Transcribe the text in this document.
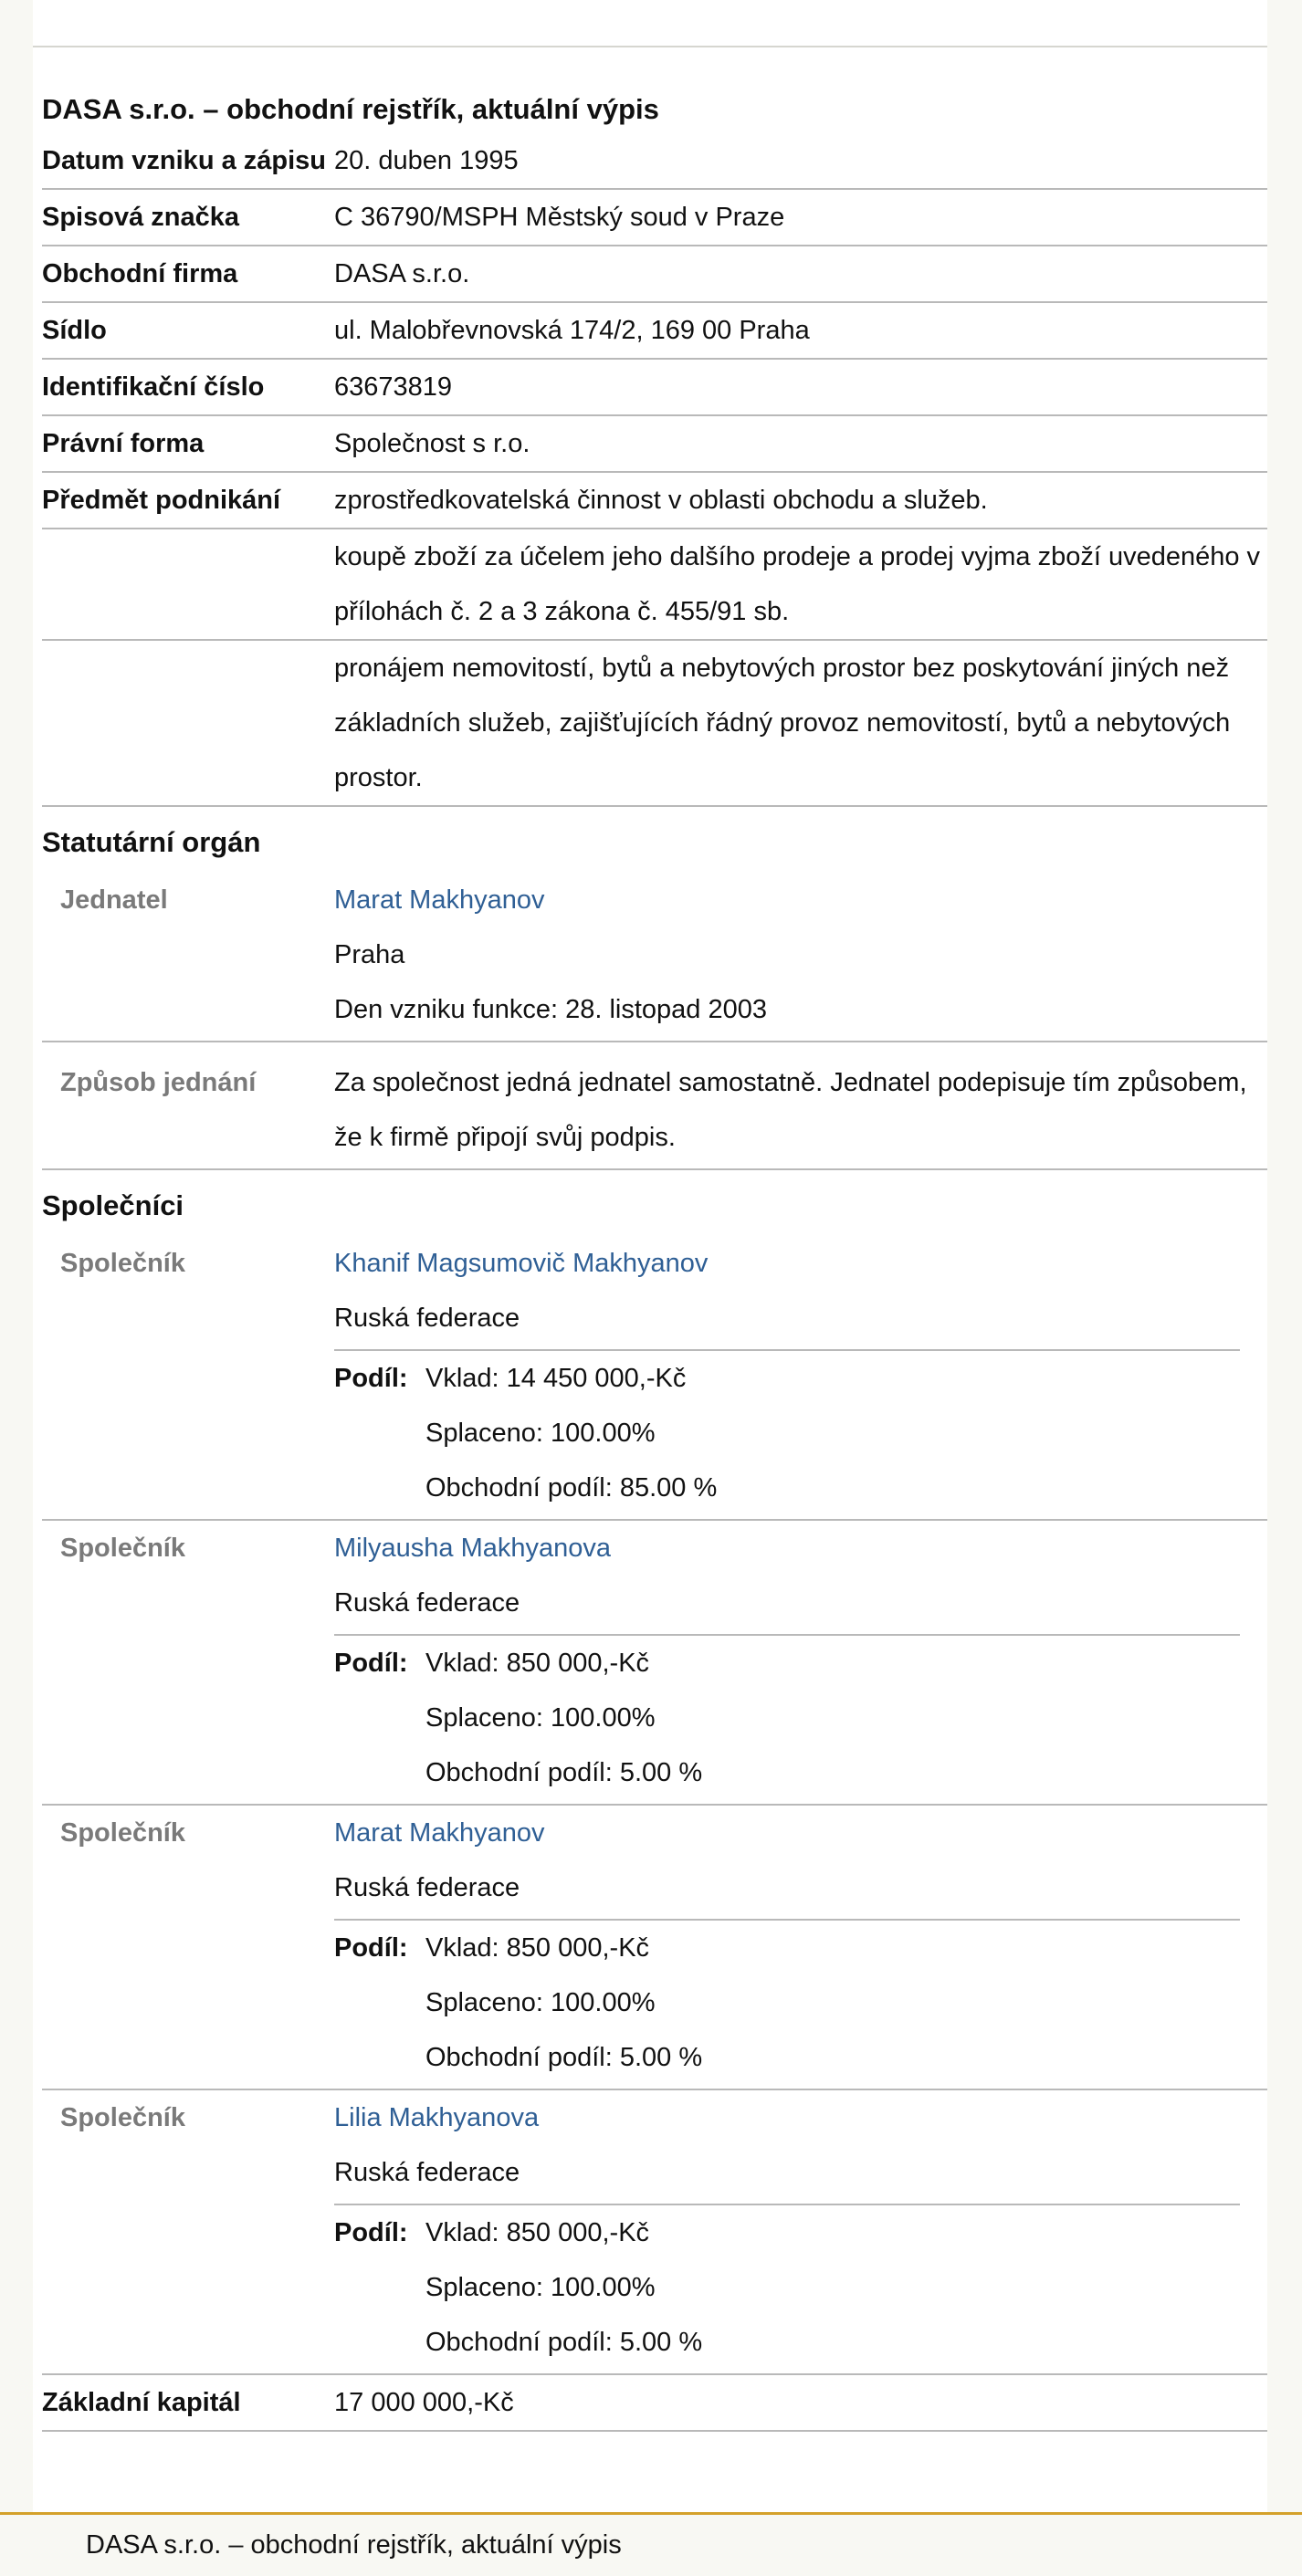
DASA s.r.o. – obchodní rejstřík, aktuální výpis
Datum vzniku a zápisu 20. duben 1995
Spisová značka	C 36790/MSPH Městský soud v Praze
Obchodní firma	DASA s.r.o.
Sídlo	ul. Malobřevnovská 174/2, 169 00 Praha
Identifikační číslo	63673819
Právní forma	Společnost s r.o.
Předmět podnikání	zprostředkovatelská činnost v oblasti obchodu a služeb.
koupě zboží za účelem jeho dalšího prodeje a prodej vyjma zboží uvedeného v přílohách č. 2 a 3 zákona č. 455/91 sb.
pronájem nemovitostí, bytů a nebytových prostor bez poskytování jiných než základních služeb, zajišťujících řádný provoz nemovitostí, bytů a nebytových prostor.
Statutární orgán
Jednatel	Marat Makhyanov
Praha
Den vzniku funkce: 28. listopad 2003
Způsob jednání	Za společnost jedná jednatel samostatně. Jednatel podepisuje tím způsobem, že k firmě připojí svůj podpis.
Společníci
Společník	Khanif Magsumovič Makhyanov
Ruská federace
Podíl: Vklad: 14 450 000,-Kč
Splaceno: 100.00%
Obchodní podíl: 85.00 %
Společník	Milyausha Makhyanova
Ruská federace
Podíl: Vklad: 850 000,-Kč
Splaceno: 100.00%
Obchodní podíl: 5.00 %
Společník	Marat Makhyanov
Ruská federace
Podíl: Vklad: 850 000,-Kč
Splaceno: 100.00%
Obchodní podíl: 5.00 %
Společník	Lilia Makhyanova
Ruská federace
Podíl: Vklad: 850 000,-Kč
Splaceno: 100.00%
Obchodní podíl: 5.00 %
Základní kapitál	17 000 000,-Kč
DASA s.r.o. – obchodní rejstřík, aktuální výpis
